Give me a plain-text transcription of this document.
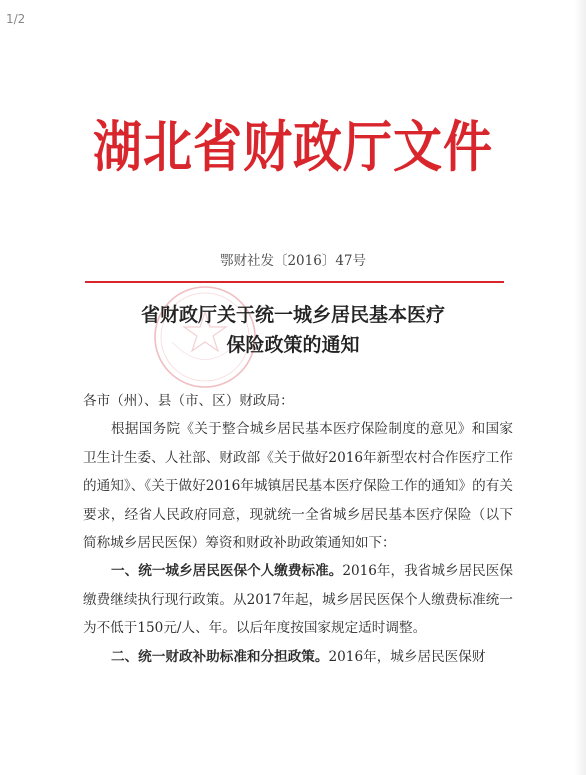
1/2
湖北省财政厅文件
鄂财社发〔2016〕47号
省财政厅关于统一城乡居民基本医疗
保险政策的通知

各市（州）、县（市、区）财政局：

根据国务院《关于整合城乡居民基本医疗保险制度的意见》和国家卫生计生委、人社部、财政部《关于做好2016年新型农村合作医疗工作的通知》、《关于做好2016年城镇居民基本医疗保险工作的通知》的有关要求，经省人民政府同意，现就统一全省城乡居民基本医疗保险（以下简称城乡居民医保）筹资和财政补助政策通知如下：

一、统一城乡居民医保个人缴费标准。2016年，我省城乡居民医保缴费继续执行现行政策。从2017年起，城乡居民医保个人缴费标准统一为不低于150元/人、年。以后年度按国家规定适时调整。

二、统一财政补助标准和分担政策。2016年，城乡居民医保财
